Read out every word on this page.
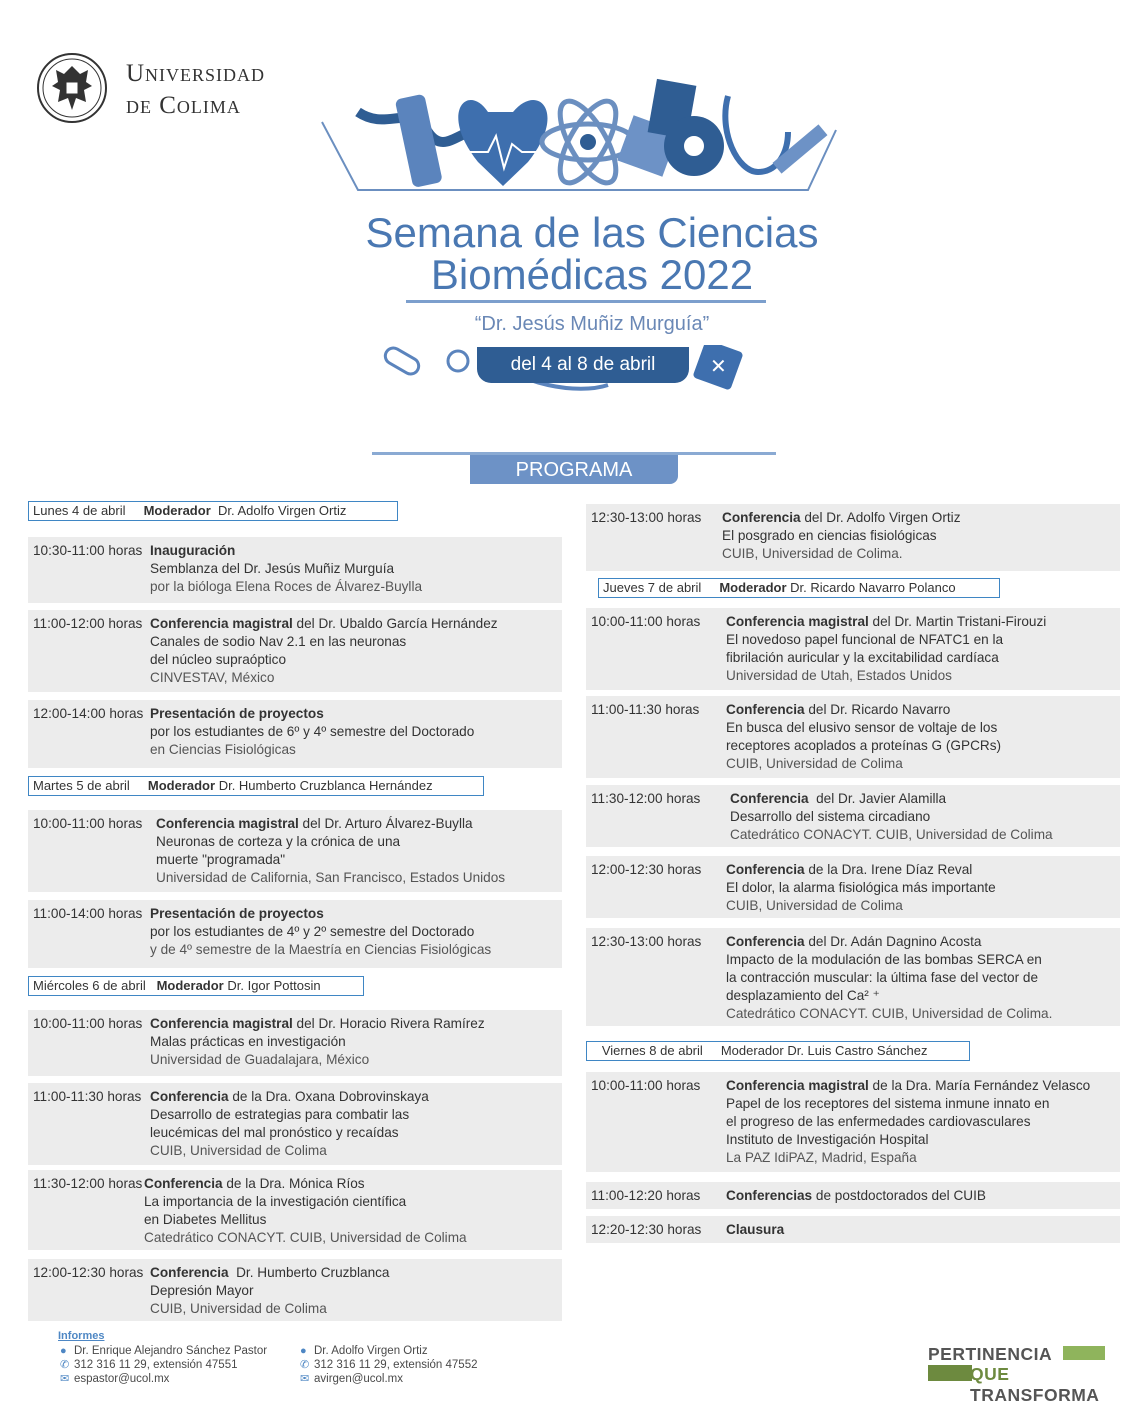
Universidad
de Colima
Semana de las Ciencias
Biomédicas 2022
“Dr. Jesús Muñiz Murguía”
✕
del 4 al 8 de abril
PROGRAMA
Lunes 4 de abril Moderador Dr. Adolfo Virgen Ortiz
Martes 5 de abril Moderador Dr. Humberto Cruzblanca Hernández
Miércoles 6 de abril Moderador Dr. Igor Pottosin
Jueves 7 de abril Moderador Dr. Ricardo Navarro Polanco
Viernes 8 de abril Moderador Dr. Luis Castro Sánchez
10:30-11:00 horas Inauguración
Semblanza del Dr. Jesús Muñiz Murguía
por la bióloga Elena Roces de Álvarez-Buylla
11:00-12:00 horas Conferencia magistral del Dr. Ubaldo García Hernández
Canales de sodio Nav 2.1 en las neuronas
del núcleo supraóptico
CINVESTAV, México
12:00-14:00 horas Presentación de proyectos
por los estudiantes de 6º y 4º semestre del Doctorado
en Ciencias Fisiológicas
10:00-11:00 horas Conferencia magistral del Dr. Arturo Álvarez-Buylla
Neuronas de corteza y la crónica de una
muerte "programada"
Universidad de California, San Francisco, Estados Unidos
11:00-14:00 horas Presentación de proyectos
por los estudiantes de 4º y 2º semestre del Doctorado
y de 4º semestre de la Maestría en Ciencias Fisiológicas
10:00-11:00 horas Conferencia magistral del Dr. Horacio Rivera Ramírez
Malas prácticas en investigación
Universidad de Guadalajara, México
11:00-11:30 horas Conferencia de la Dra. Oxana Dobrovinskaya
Desarrollo de estrategias para combatir las
leucémicas del mal pronóstico y recaídas
CUIB, Universidad de Colima
11:30-12:00 horas Conferencia de la Dra. Mónica Ríos
La importancia de la investigación científica
en Diabetes Mellitus
Catedrático CONACYT. CUIB, Universidad de Colima
12:00-12:30 horas Conferencia  Dr. Humberto Cruzblanca
Depresión Mayor
CUIB, Universidad de Colima
12:30-13:00 horas Conferencia del Dr. Adolfo Virgen Ortiz
El posgrado en ciencias fisiológicas
CUIB, Universidad de Colima.
10:00-11:00 horas Conferencia magistral del Dr. Martin Tristani-Firouzi
El novedoso papel funcional de NFATC1 en la
fibrilación auricular y la excitabilidad cardíaca
Universidad de Utah, Estados Unidos
11:00-11:30 horas Conferencia del Dr. Ricardo Navarro
En busca del elusivo sensor de voltaje de los
receptores acoplados a proteínas G (GPCRs)
CUIB, Universidad de Colima
11:30-12:00 horas Conferencia  del Dr. Javier Alamilla
Desarrollo del sistema circadiano
Catedrático CONACYT. CUIB, Universidad de Colima
12:00-12:30 horas Conferencia de la Dra. Irene Díaz Reval
El dolor, la alarma fisiológica más importante
CUIB, Universidad de Colima
12:30-13:00 horas Conferencia del Dr. Adán Dagnino Acosta
Impacto de la modulación de las bombas SERCA en
la contracción muscular: la última fase del vector de
desplazamiento del Ca² ⁺
Catedrático CONACYT. CUIB, Universidad de Colima.
10:00-11:00 horas Conferencia magistral de la Dra. María Fernández Velasco
Papel de los receptores del sistema inmune innato en
el progreso de las enfermedades cardiovasculares
Instituto de Investigación Hospital
La PAZ IdiPAZ, Madrid, España
11:00-12:20 horas Conferencias de postdoctorados del CUIB
12:20-12:30 horas Clausura
Informes
● Dr. Enrique Alejandro Sánchez Pastor
✆ 312 316 11 29, extensión 47551
✉ espastor@ucol.mx
● Dr. Adolfo Virgen Ortiz
✆ 312 316 11 29, extensión 47552
✉ avirgen@ucol.mx
PERTINENCIA
QUE TRANSFORMA
